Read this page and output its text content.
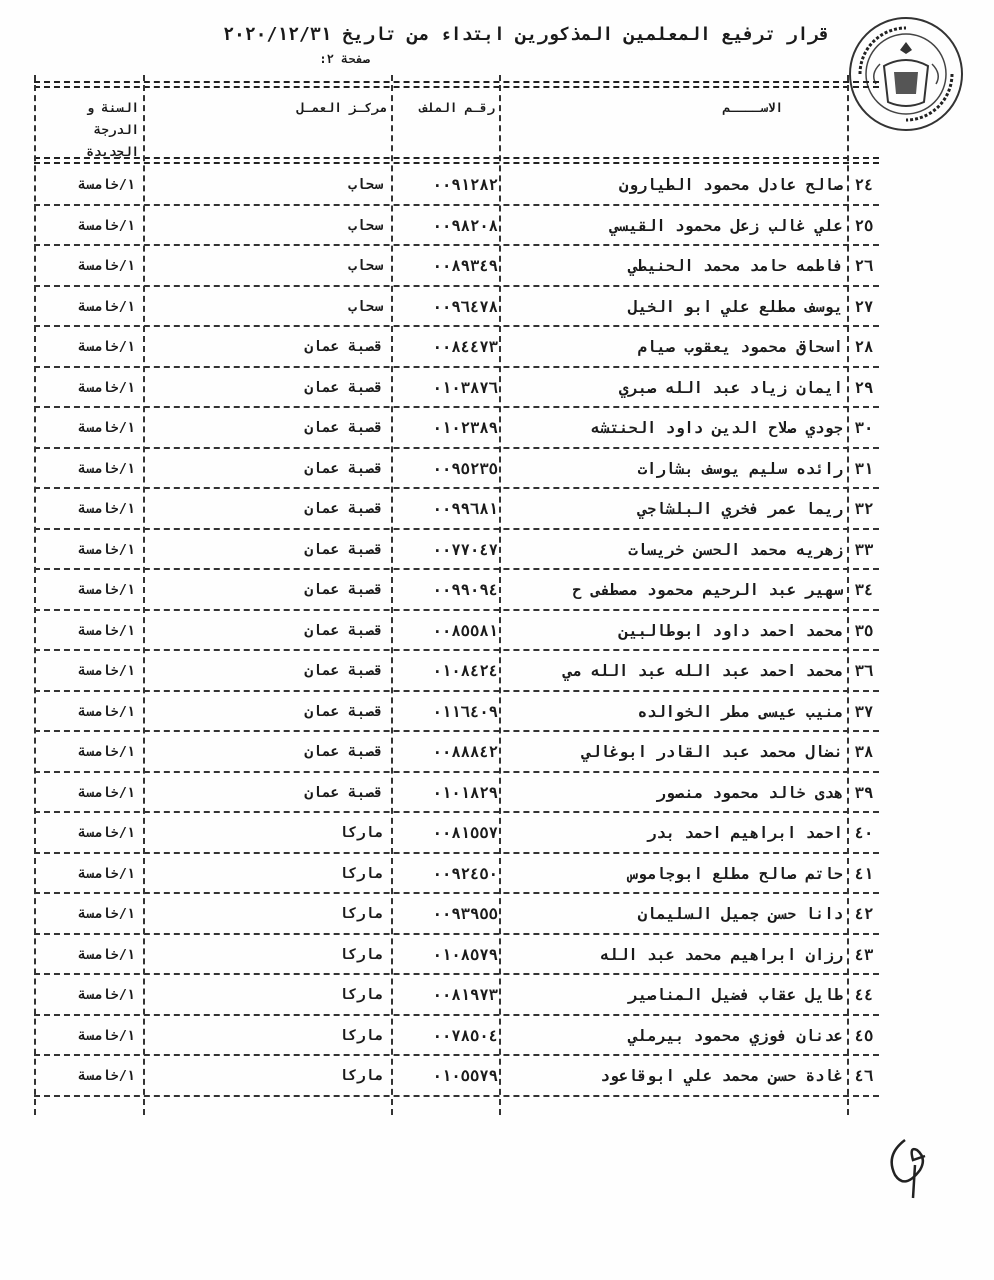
قرار ترفيع المعلمين المذكورين ابتداء من تاريخ ٢٠٢٠/١٢/٣١
صفحة ٢:
الاســــم
رقـم الملف
مركـز العمـل
السنة و الدرجة الجديدة
٢٤
صالح عادل محمود الطيارون
٠٠٩١٢٨٢
سحاب
١/خامسة
٢٥
علي غالب زعل محمود القيسي
٠٠٩٨٢٠٨
سحاب
١/خامسة
٢٦
فاطمه حامد محمد الحنيطي
٠٠٨٩٣٤٩
سحاب
١/خامسة
٢٧
يوسف مطلع علي ابو الخيل
٠٠٩٦٤٧٨
سحاب
١/خامسة
٢٨
اسحاق محمود يعقوب صيام
٠٠٨٤٤٧٣
قصبة عمان
١/خامسة
٢٩
ايمان زياد عبد الله صبري
٠١٠٣٨٧٦
قصبة عمان
١/خامسة
٣٠
جودي صلاح الدين داود الحنتشه
٠١٠٢٣٨٩
قصبة عمان
١/خامسة
٣١
رائده سليم يوسف بشارات
٠٠٩٥٢٣٥
قصبة عمان
١/خامسة
٣٢
ريما عمر فخري البلشاجي
٠٠٩٩٦٨١
قصبة عمان
١/خامسة
٣٣
زهريه محمد الحسن خريسات
٠٠٧٧٠٤٧
قصبة عمان
١/خامسة
٣٤
سهير عبد الرحيم محمود مصطفى ح
٠٠٩٩٠٩٤
قصبة عمان
١/خامسة
٣٥
محمد احمد داود ابوطالبين
٠٠٨٥٥٨١
قصبة عمان
١/خامسة
٣٦
محمد احمد عبد الله عبد الله مي
٠١٠٨٤٢٤
قصبة عمان
١/خامسة
٣٧
منيب عيسى مطر الخوالده
٠١١٦٤٠٩
قصبة عمان
١/خامسة
٣٨
نضال محمد عبد القادر ابوغالي
٠٠٨٨٨٤٢
قصبة عمان
١/خامسة
٣٩
هدى خالد محمود منصور
٠١٠١٨٢٩
قصبة عمان
١/خامسة
٤٠
احمد ابراهيم احمد بدر
٠٠٨١٥٥٧
ماركا
١/خامسة
٤١
حاتم صالح مطلع ابوجاموس
٠٠٩٢٤٥٠
ماركا
١/خامسة
٤٢
دانا حسن جميل السليمان
٠٠٩٣٩٥٥
ماركا
١/خامسة
٤٣
رزان ابراهيم محمد عبد الله
٠١٠٨٥٧٩
ماركا
١/خامسة
٤٤
طايل عقاب فضيل المناصير
٠٠٨١٩٧٣
ماركا
١/خامسة
٤٥
عدنان فوزي محمود بيرملي
٠٠٧٨٥٠٤
ماركا
١/خامسة
٤٦
غادة حسن محمد علي ابوقاعود
٠١٠٥٥٧٩
ماركا
١/خامسة
